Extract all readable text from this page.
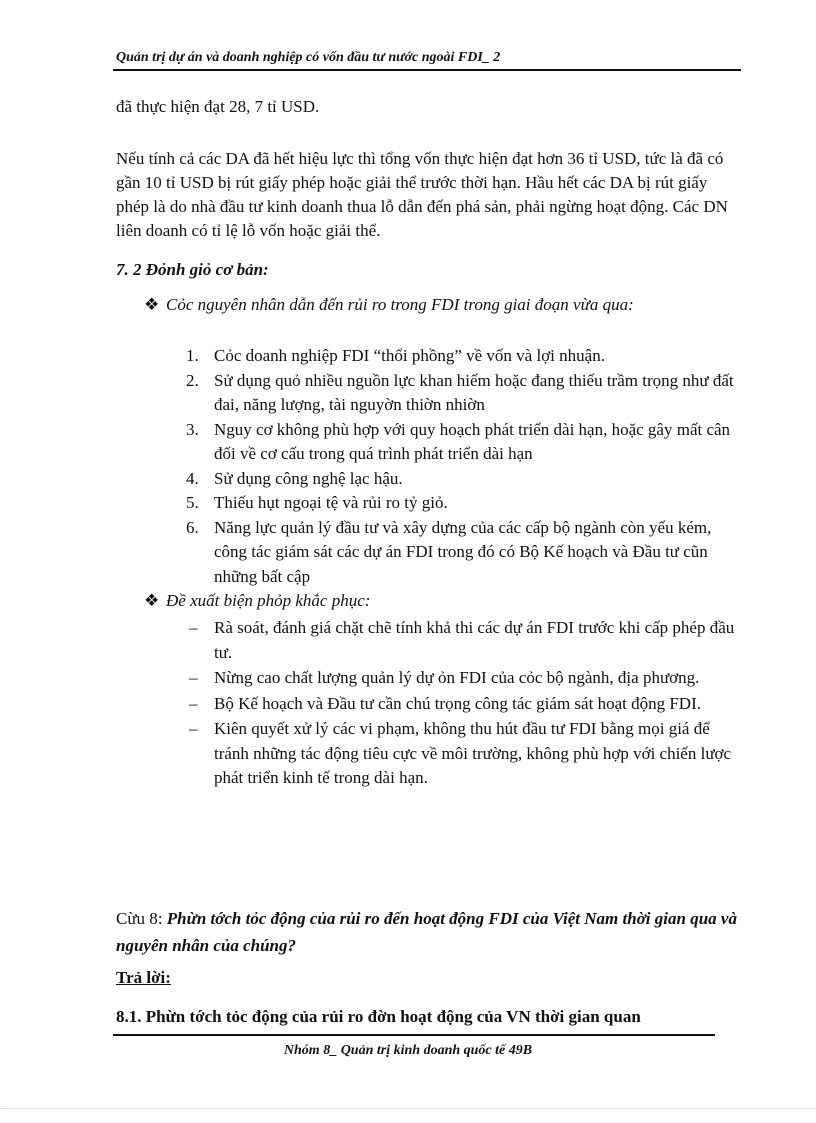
Quản trị dự án và doanh nghiệp có vốn đầu tư nước ngoài FDI_ 2
đã thực hiện đạt 28, 7 tỉ USD.
Nếu tính cả các DA đã hết hiệu lực thì tổng vốn thực hiện đạt hơn 36 tỉ USD, tức là đã có gần 10 tỉ USD bị rút giấy phép hoặc giải thể trước thời hạn. Hầu hết các DA bị rút giấy phép là do nhà đầu tư kinh doanh thua lỗ dẫn đến phá sản, phải ngừng hoạt động. Các DN liên doanh có tỉ lệ lỗ vốn hoặc giải thể.
7. 2 Đỏnh giỏ cơ bản:
❖ Cỏc nguyên nhân dẫn đến rủi ro trong FDI trong giai đoạn vừa qua:
1. Cỏc doanh nghiệp FDI “thổi phồng” về vốn và lợi nhuận.
2. Sử dụng quỏ nhiều nguồn lực khan hiếm hoặc đang thiếu trầm trọng như đất đai, năng lượng, tài nguyờn thiờn nhiờn
3. Nguy cơ không phù hợp với quy hoạch phát triển dài hạn, hoặc gây mất cân đối về cơ cấu trong quá trình phát triển dài hạn
4. Sử dụng công nghệ lạc hậu.
5. Thiếu hụt ngoại tệ và rủi ro tỷ giỏ.
6. Năng lực quản lý đầu tư và xây dựng của các cấp bộ ngành còn yếu kém, công tác giám sát các dự án FDI trong đó có Bộ Kế hoạch và Đầu tư cũn những bất cập
❖ Đề xuất biện phỏp khắc phục:
– Rà soát, đánh giá chặt chẽ tính khả thi các dự án FDI trước khi cấp phép đầu tư.
– Nừng cao chất lượng quản lý dự ỏn FDI của cỏc bộ ngành, địa phương.
– Bộ Kế hoạch và Đầu tư cần chú trọng công tác giám sát hoạt động FDI.
– Kiên quyết xử lý các vi phạm, không thu hút đầu tư FDI bằng mọi giá để tránh những tác động tiêu cực về môi trường, không phù hợp với chiến lược phát triển kinh tế trong dài hạn.
Cừu 8: Phừn tớch tỏc động của rủi ro đến hoạt động FDI của Việt Nam thời gian qua và nguyên nhân của chúng?
Trả lời:
8.1. Phừn tớch tỏc động của rủi ro đờn hoạt động của VN thời gian quan
Nhóm 8_ Quản trị kinh doanh quốc tế 49B
